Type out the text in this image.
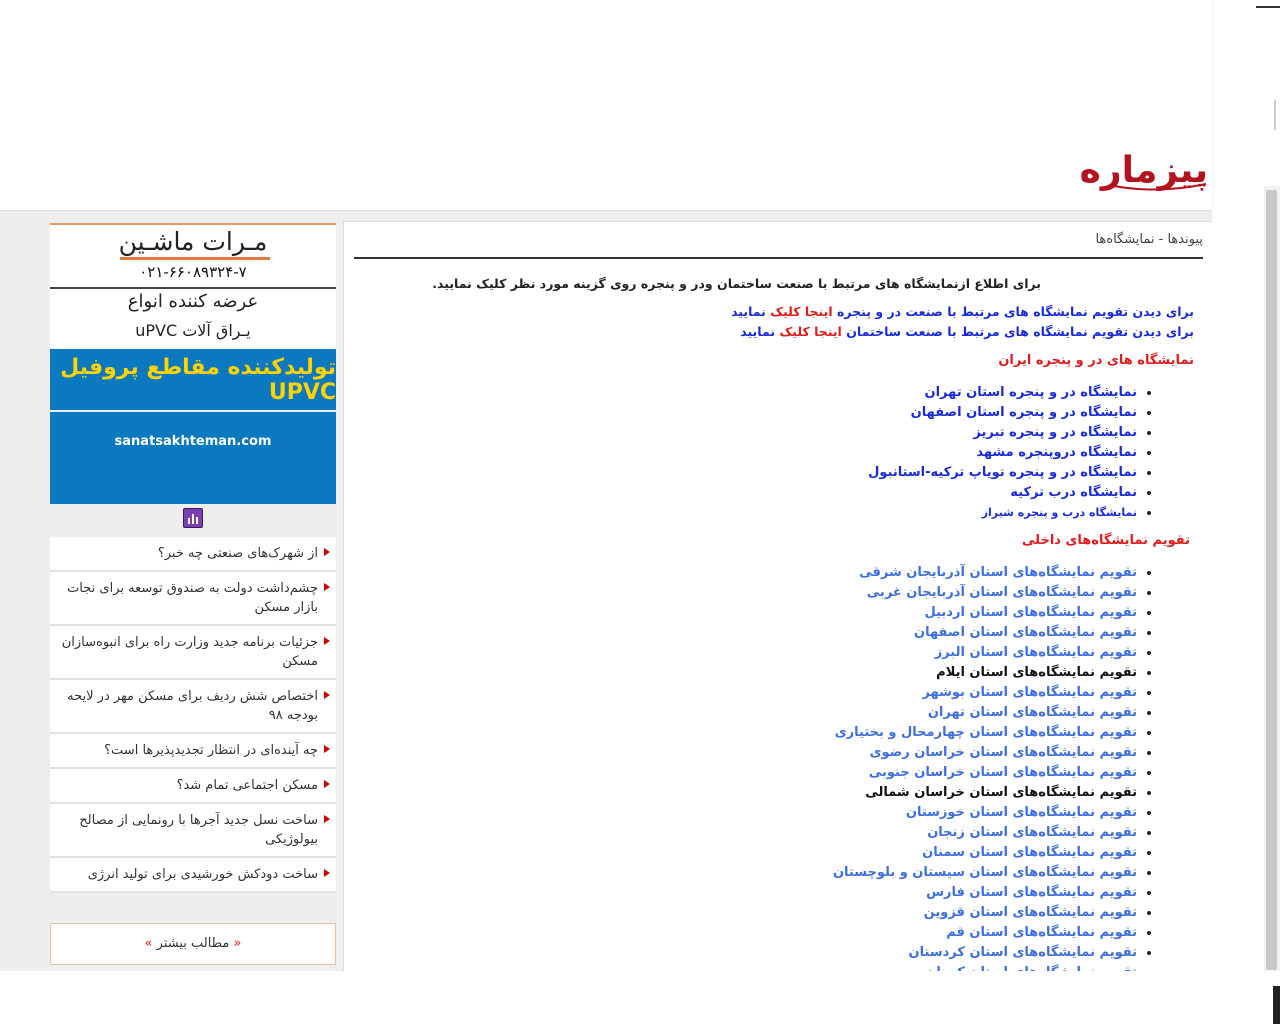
پیزماره
پیوندها - نمایشگاه‌ها
برای اطلاع ازنمایشگاه های مرتبط با صنعت ساختمان ودر و پنجره روی گزینه مورد نظر کلیک نمایید.
برای دیدن تقویم نمایشگاه های مرتبط با صنعت در و پنجره اینجا کلیک نمایید
برای دیدن تقویم نمایشگاه های مرتبط با صنعت ساختمان اینجا کلیک نمایید
نمایشگاه های در و پنجره ایران
• نمایشگاه در و پنجره استان تهران
• نمایشگاه در و پنجره استان اصفهان
• نمایشگاه در و پنجره تبریز
• نمایشگاه دروپنجره مشهد
• نمایشگاه در و پنجره تویاپ ترکیه-استانبول
• نمایشگاه درب ترکیه
• نمایشگاه درب و پنجره شیراز
تقویم نمایشگاه‌های داخلی
• تقویم نمایشگاه‌های استان آذربایجان شرقی
• تقویم نمایشگاه‌های استان آذربایجان غربی
• تقویم نمایشگاه‌های استان اردبیل
• تقویم نمایشگاه‌های استان اصفهان
• تقویم نمایشگاه‌های استان البرز
• تقویم نمایشگاه‌های استان ایلام
• تقویم نمایشگاه‌های استان بوشهر
• تقویم نمایشگاه‌های استان تهران
• تقویم نمایشگاه‌های استان چهارمحال و بختیاری
• تقویم نمایشگاه‌های استان خراسان رضوی
• تقویم نمایشگاه‌های استان خراسان جنوبی
• تقویم نمایشگاه‌های استان خراسان شمالی
• تقویم نمایشگاه‌های استان خوزستان
• تقویم نمایشگاه‌های استان زنجان
• تقویم نمایشگاه‌های استان سمنان
• تقویم نمایشگاه‌های استان سیستان و بلوچستان
• تقویم نمایشگاه‌های استان فارس
• تقویم نمایشگاه‌های استان قزوین
• تقویم نمایشگاه‌های استان قم
• تقویم نمایشگاه‌های استان کردستان
•
مـرات ماشـین
۰۲۱-۶۶۰۸۹۳۲۴-۷
عرضه کننده انواع
یـراق آلات uPVC
تولیدکننده مقاطع پروفیل UPVC
sanatsakhteman.com
از شهرک‌های صنعتی چه خبر؟
چشم‌داشت دولت به صندوق توسعه برای نجات بازار مسکن
جزئیات برنامه جدید وزارت راه برای انبوه‌سازان مسکن
اختصاص شش ردیف برای مسکن مهر در لایحه بودجه ۹۸
چه آینده‌ای در انتظار تجدیدپذیرها است؟
مسکن اجتماعی تمام شد؟
ساخت نسل جدید آجرها با رونمایی از مصالح بیولوژیکی
ساخت دودکش خورشیدی برای تولید انرژی
« مطالب بیشتر »
